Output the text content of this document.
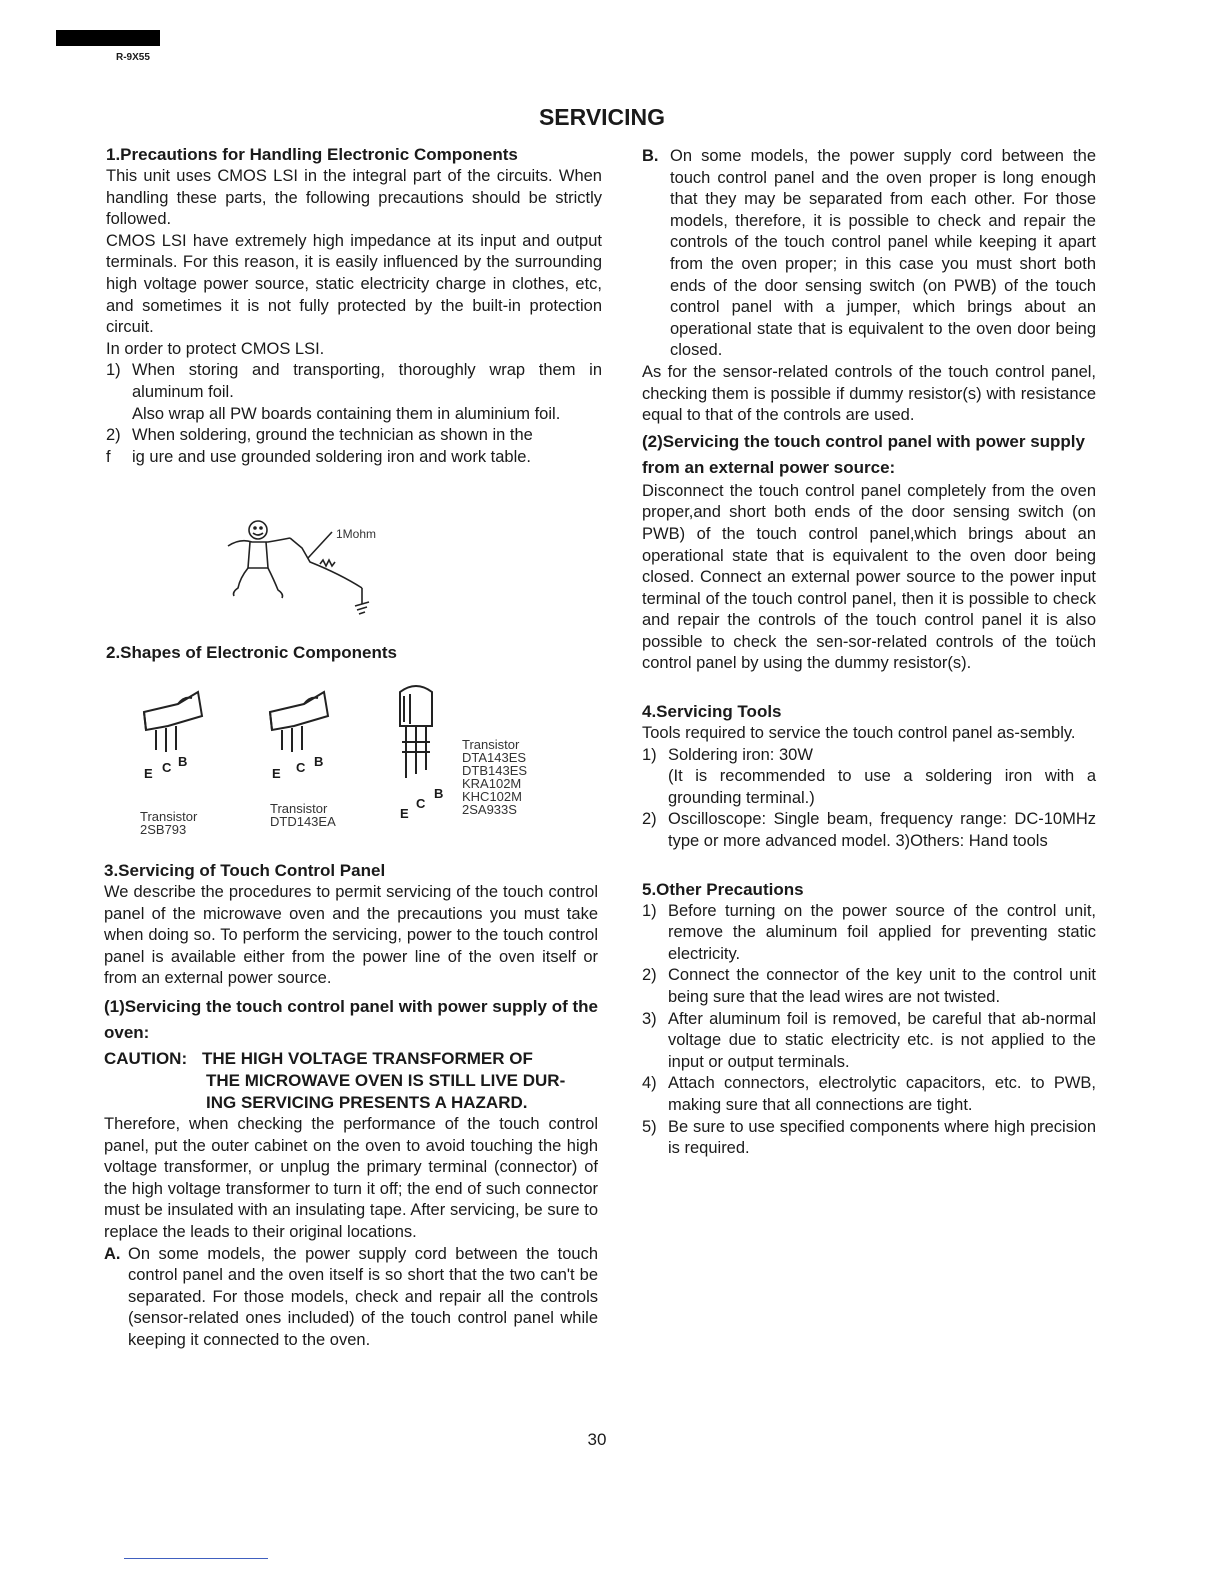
R-9X55
SERVICING
1.Precautions for Handling Electronic Components

This unit uses CMOS LSI in the integral part of the circuits. When handling these parts, the following precautions should be strictly followed.

CMOS LSI have extremely high impedance at its input and output terminals. For this reason, it is easily influenced by the surrounding high voltage power source, static electricity charge in clothes, etc, and sometimes it is not fully protected by the built-in protection circuit.

In order to protect CMOS LSI.

1) When storing and transporting, thoroughly wrap them in aluminum foil.
Also wrap all PW boards containing them in aluminium foil.
2) When soldering, ground the technician as shown in the
f	ig ure and use grounded soldering iron and work table.
1Mohm
2.Shapes of Electronic Components
E C B
Transistor
2SB793
E C B
Transistor
DTD143EA
E
C
B
Transistor
DTA143ES
DTB143ES
KRA102M
KHC102M
2SA933S
3.Servicing of Touch Control Panel

We describe the procedures to permit servicing of the touch control panel of the microwave oven and the precautions you must take when doing so. To perform the servicing, power to the touch control panel is available either from the power line of the oven itself or from an external power source.

(1)Servicing the touch control panel with power supply of the oven:
CAUTION: THE HIGH VOLTAGE TRANSFORMER OF
THE MICROWAVE OVEN IS STILL LIVE DUR-
ING SERVICING PRESENTS A HAZARD.

Therefore, when checking the performance of the touch control panel, put the outer cabinet on the oven to avoid touching the high voltage transformer, or unplug the primary terminal (connector) of the high voltage transformer to turn it off; the end of such connector must be insulated with an insulating tape. After servicing, be sure to replace the leads to their original locations.

A. On some models, the power supply cord between the touch control panel and the oven itself is so short that the two can't be separated. For those models, check and repair all the controls (sensor-related ones included) of the touch control panel while keeping it connected to the oven.

B. On some models, the power supply cord between the touch control panel and the oven proper is long enough that they may be separated from each other. For those models, therefore, it is possible to check and repair the controls of the touch control panel while keeping it apart from the oven proper; in this case you must short both ends of the door sensing switch (on PWB) of the touch control panel with a jumper, which brings about an operational state that is equivalent to the oven door being closed.

As for the sensor-related controls of the touch control panel, checking them is possible if dummy resistor(s) with resistance equal to that of the controls are used.

(2)Servicing the touch control panel with power supply from an external power source:

Disconnect the touch control panel completely from the oven proper,and short both ends of the door sensing switch (on PWB) of the touch control panel,which brings about an operational state that is equivalent to the oven door being closed. Connect an external power source to the power input terminal of the touch control panel, then it is possible to check and repair the controls of the touch control panel it is also possible to check the sen-sor-related controls of the toüch control panel by using the dummy resistor(s).

4.Servicing Tools

Tools required to service the touch control panel as-sembly.

1) Soldering iron: 30W
(It is recommended to use a soldering iron with a grounding terminal.)
2) Oscilloscope: Single beam, frequency range: DC-10MHz type or more advanced model. 3)Others: Hand tools
5.Other Precautions
1) Before turning on the power source of the control unit, remove the aluminum foil applied for preventing static electricity.
2) Connect the connector of the key unit to the control unit being sure that the lead wires are not twisted.
3) After aluminum foil is removed, be careful that ab-normal voltage due to static electricity etc. is not applied to the input or output terminals.
4) Attach connectors, electrolytic capacitors, etc. to PWB, making sure that all connections are tight.
5) Be sure to use specified components where high precision is required.
30
